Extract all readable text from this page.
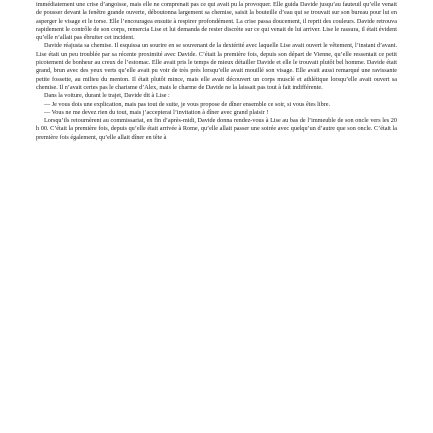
immédiatement une crise d’angoisse, mais elle ne comprenait pas ce qui avait pu la provoquer. Elle guida Davide jusqu’au fauteuil qu’elle venait de pousser devant la fenêtre grande ouverte, déboutonna largement sa chemise, saisit la bouteille d’eau qui se trouvait sur son bureau pour lui en asperger le visage et le torse. Elle l’encouragea ensuite à respirer profondément. La crise passa doucement, il reprit des couleurs. Davide retrouva rapidement le contrôle de son corps, remercia Lise et lui demanda de rester discrète sur ce qui venait de lui arriver. Lise le rassura, il était évident qu’elle n’allait pas ébruiter cet incident.

Davide réajusta sa chemise. Il esquissa un sourire en se souvenant de la dextérité avec laquelle Lise avait ouvert le vêtement, l’instant d’avant. Lise était un peu troublée par sa récente proximité avec Davide. C’était la première fois, depuis son départ de Vienne, qu’elle ressentait ce petit picotement de bonheur au creux de l’estomac. Elle avait pris le temps de mieux détailler Davide et elle le trouvait plutôt bel homme. Davide était grand, brun avec des yeux verts qu’elle avait pu voir de très près lorsqu’elle avait mouillé son visage. Elle avait aussi remarqué une ravissante petite fossette, au milieu du menton. Il était plutôt mince, mais elle avait découvert un corps musclé et athlétique lorsqu’elle avait ouvert sa chemise. Il n’avait certes pas le charisme d’Alex, mais le charme de Davide ne la laissait pas tout à fait indifférente.

Dans la voiture, durant le trajet, Davide dit à Lise :

— Je vous dois une explication, mais pas tout de suite, je vous propose de dîner ensemble ce soir, si vous êtes libre.

— Vous ne me devez rien du tout, mais j’accepterai l’invitation à dîner avec grand plaisir !

Lorsqu’ils retournèrent au commissariat, en fin d’après-midi, Davide donna rendez-vous à Lise au bas de l’immeuble de son oncle vers les 20 h 00. C’était la première fois, depuis qu’elle était arrivée à Rome, qu’elle allait passer une soirée avec quelqu’un d’autre que son oncle. C’était la première fois également, qu’elle allait dîner en tête à
